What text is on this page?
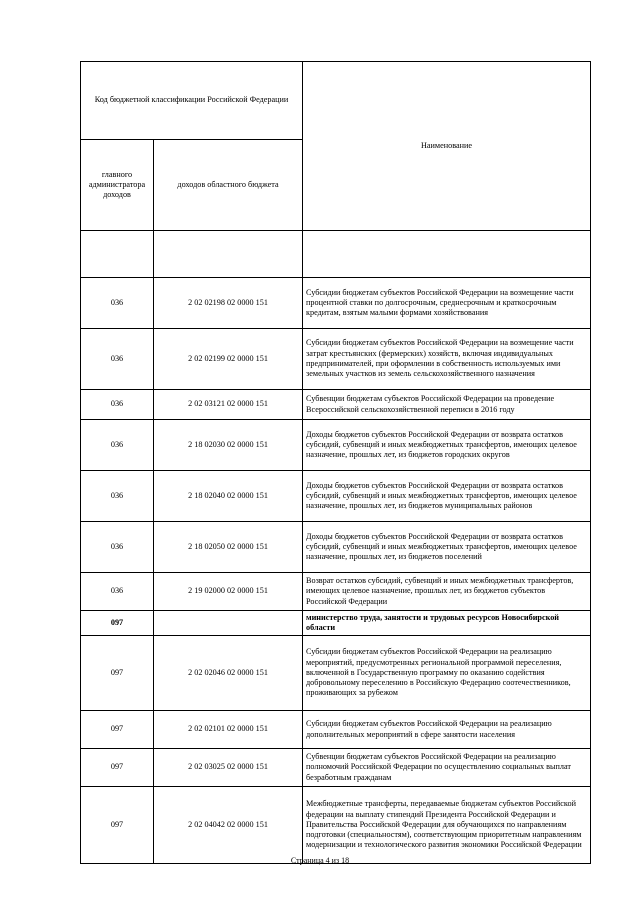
Код бюджетной классификации Российской Федерации		Наименование
главного администратора доходов	доходов областного бюджета	

036	2 02 02198 02 0000 151	Субсидии бюджетам субъектов Российской Федерации на возмещение части процентной ставки по долгосрочным, среднесрочным и краткосрочным кредитам, взятым малыми формами хозяйствования
036	2 02 02199 02 0000 151	Субсидии бюджетам субъектов Российской Федерации на возмещение части затрат крестьянских (фермерских) хозяйств, включая индивидуальных предпринимателей, при оформлении в собственность используемых ими земельных участков из земель сельскохозяйственного назначения
036	2 02 03121 02 0000 151	Субвенции бюджетам субъектов Российской Федерации на проведение Всероссийской сельскохозяйственной переписи в 2016 году
036	2 18 02030 02 0000 151	Доходы бюджетов субъектов Российской Федерации от возврата остатков субсидий, субвенций и иных межбюджетных трансфертов, имеющих целевое назначение, прошлых лет, из бюджетов городских округов
036	2 18 02040 02 0000 151	Доходы бюджетов субъектов Российской Федерации от возврата остатков субсидий, субвенций и иных межбюджетных трансфертов, имеющих целевое назначение, прошлых лет, из бюджетов муниципальных районов
036	2 18 02050 02 0000 151	Доходы бюджетов субъектов Российской Федерации от возврата остатков субсидий, субвенций и иных межбюджетных трансфертов, имеющих целевое назначение, прошлых лет, из бюджетов поселений
036	2 19 02000 02 0000 151	Возврат остатков субсидий, субвенций и иных межбюджетных трансфертов, имеющих целевое назначение, прошлых лет, из бюджетов субъектов Российской Федерации
097		министерство труда, занятости и трудовых ресурсов Новосибирской области
097	2 02 02046 02 0000 151	Субсидии бюджетам субъектов Российской Федерации на реализацию мероприятий, предусмотренных региональной программой переселения, включенной в Государственную программу по оказанию содействия добровольному переселению в Российскую Федерацию соотечественников, проживающих за рубежом
097	2 02 02101 02 0000 151	Субсидии бюджетам субъектов Российской Федерации на реализацию дополнительных мероприятий в сфере занятости населения
097	2 02 03025 02 0000 151	Субвенции бюджетам субъектов Российской Федерации на реализацию полномочий Российской Федерации по осуществлению социальных выплат безработным гражданам
097	2 02 04042 02 0000 151	Межбюджетные трансферты, передаваемые бюджетам субъектов Российской федерации на выплату стипендий Президента Российской Федерации и Правительства Российской Федерации для обучающихся по направлениям подготовки (специальностям), соответствующим приоритетным направлениям модернизации и технологического развития экономики Российской Федерации
Страница 4 из 18
